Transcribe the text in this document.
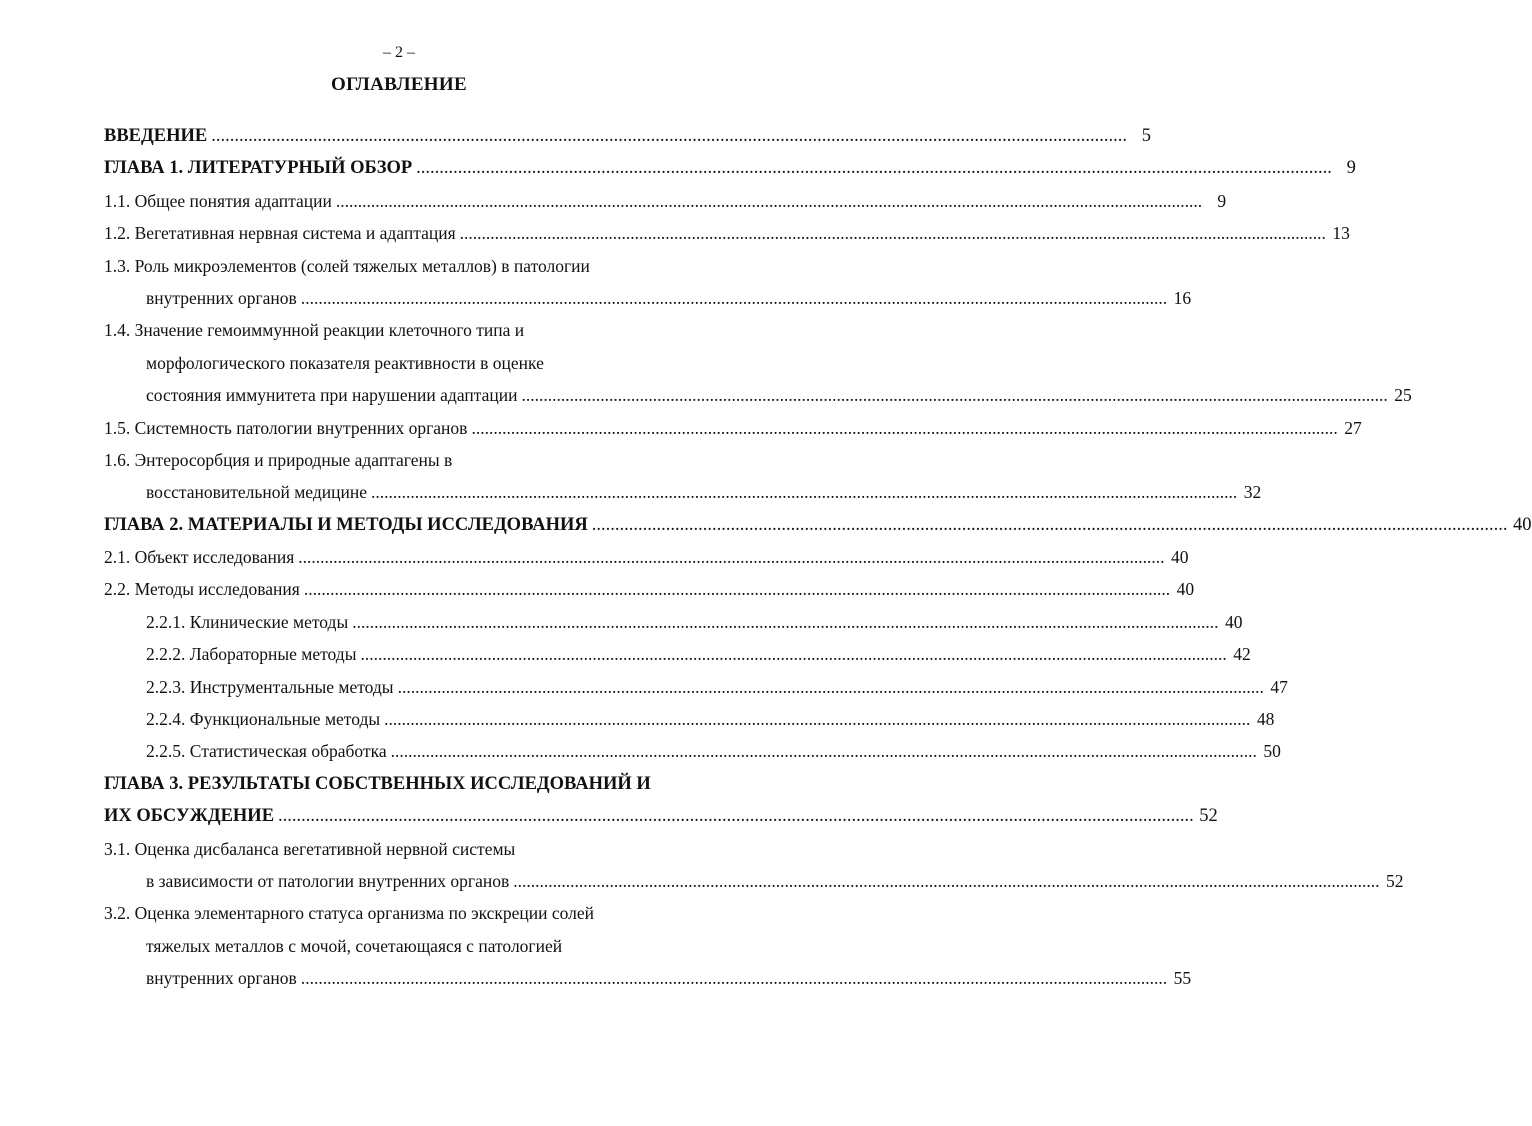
– 2 –
ОГЛАВЛЕНИЕ
ВВЕДЕНИЕ .....	5
ГЛАВА 1. ЛИТЕРАТУРНЫЙ ОБЗОР .....	9
1.1. Общее понятия адаптации .....	9
1.2. Вегетативная нервная система и адаптация .....	13
1.3. Роль микроэлементов (солей тяжелых металлов) в патологии
внутренних органов .....	16
1.4. Значение гемоиммунной реакции клеточного типа и
морфологического показателя реактивности в оценке
состояния иммунитета при нарушении адаптации .....	25
1.5. Системность патологии внутренних органов .....	27
1.6. Энтеросорбция и природные адаптагены в
восстановительной медицине .....	32
ГЛАВА 2. МАТЕРИАЛЫ И МЕТОДЫ ИССЛЕДОВАНИЯ .....	40
2.1. Объект исследования .....	40
2.2. Методы исследования .....	40
2.2.1. Клинические методы .....	40
2.2.2. Лабораторные методы .....	42
2.2.3. Инструментальные методы .....	47
2.2.4. Функциональные методы .....	48
2.2.5. Статистическая обработка .....	50
ГЛАВА 3. РЕЗУЛЬТАТЫ СОБСТВЕННЫХ ИССЛЕДОВАНИЙ И
ИХ ОБСУЖДЕНИЕ .....	52
3.1. Оценка дисбаланса вегетативной нервной системы
в зависимости от патологии внутренних органов .....	52
3.2. Оценка элементарного статуса организма по экскреции солей
тяжелых металлов с мочой, сочетающаяся с патологией
внутренних органов .....	55
